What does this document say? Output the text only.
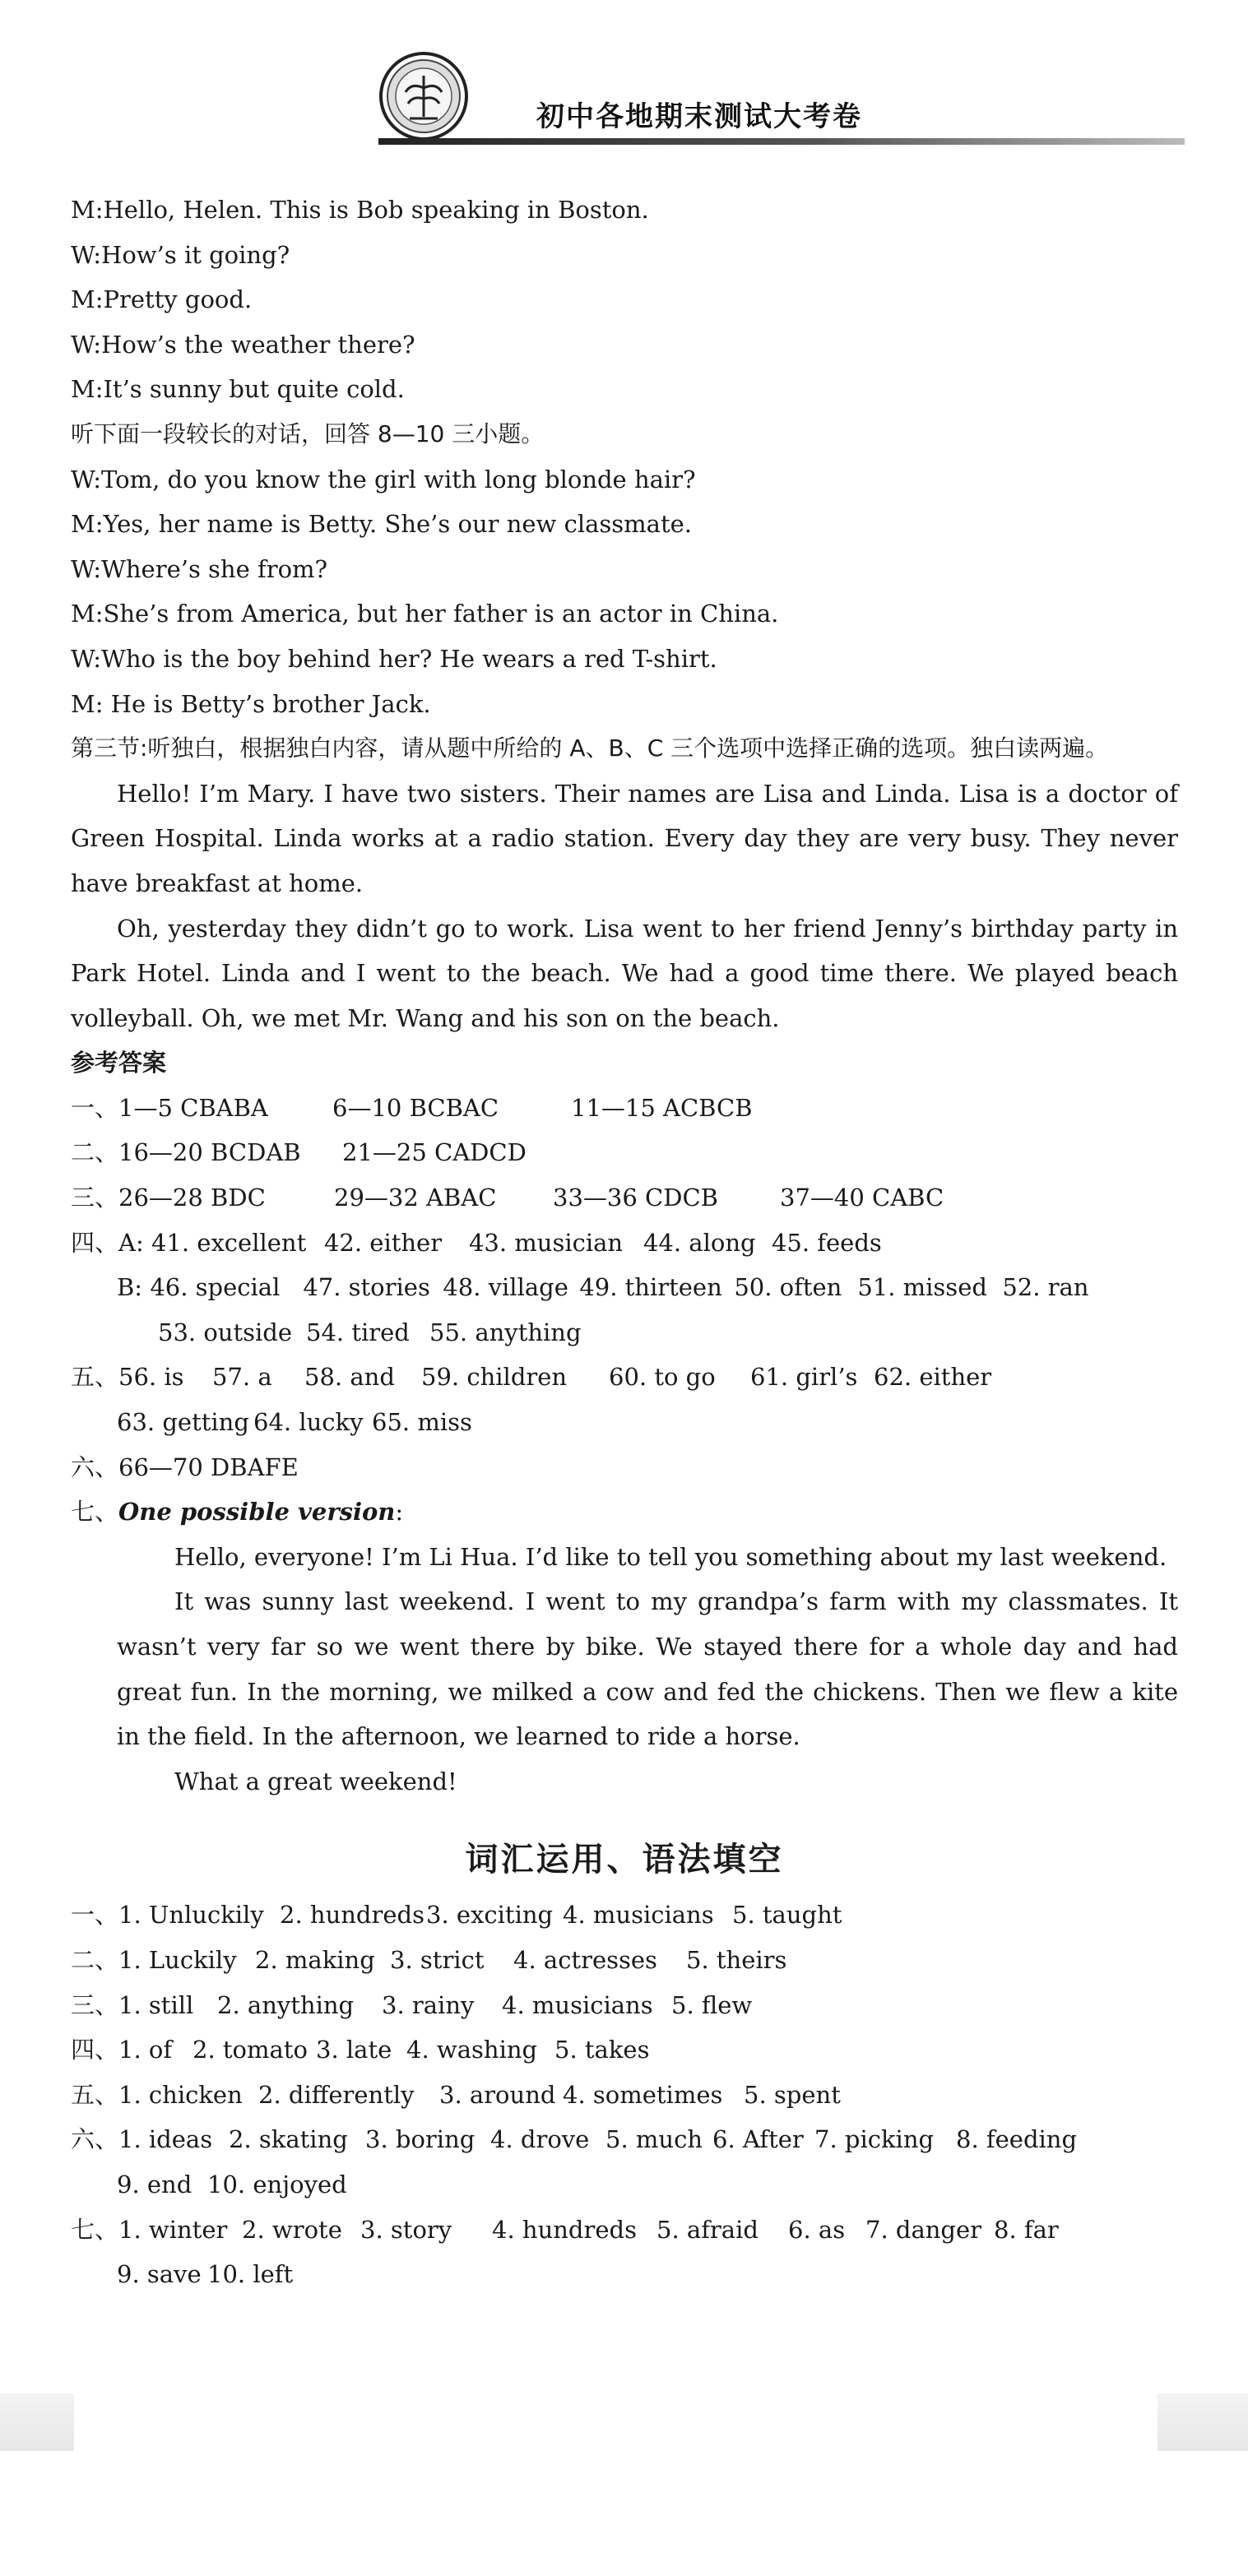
初中各地期末测试大考卷
M:Hello, Helen. This is Bob speaking in Boston.
W:How’s it going?
M:Pretty good.
W:How’s the weather there?
M:It’s sunny but quite cold.
听下面一段较长的对话，回答 8—10 三小题。
W:Tom, do you know the girl with long blonde hair?
M:Yes, her name is Betty. She’s our new classmate.
W:Where’s she from?
M:She’s from America, but her father is an actor in China.
W:Who is the boy behind her? He wears a red T-shirt.
M: He is Betty’s brother Jack.
第三节:听独白，根据独白内容，请从题中所给的 A、B、C 三个选项中选择正确的选项。独白读两遍。
Hello! I’m Mary. I have two sisters. Their names are Lisa and Linda. Lisa is a doctor of Green Hospital. Linda works at a radio station. Every day they are very busy. They never have breakfast at home.
Oh, yesterday they didn’t go to work. Lisa went to her friend Jenny’s birthday party in Park Hotel. Linda and I went to the beach. We had a good time there. We played beach volleyball. Oh, we met Mr. Wang and his son on the beach.
参考答案
一、1—5 CBABA	6—10 BCBAC	11—15 ACBCB
二、16—20 BCDAB 21—25 CADCD
三、26—28 BDC	29—32 ABAC 33—36 CDCB	37—40 CABC
四、A: 41. excellent 42. either 43. musician 44. along 45. feeds
B: 46. special 47. stories 48. village 49. thirteen 50. often 51. missed 52. ran
53. outside 54. tired 55. anything
五、56. is 57. a 58. and 59. children 60. to go 61. girl’s 62. either
63. getting 64. lucky 65. miss
六、66—70 DBAFE
七、One possible version:
Hello, everyone! I’m Li Hua. I’d like to tell you something about my last weekend.
It was sunny last weekend. I went to my grandpa’s farm with my classmates. It wasn’t very far so we went there by bike. We stayed there for a whole day and had great fun. In the morning, we milked a cow and fed the chickens. Then we flew a kite in the field. In the afternoon, we learned to ride a horse.
What a great weekend!
词汇运用、语法填空
一、1. Unluckily 2. hundreds3. exciting 4. musicians 5. taught
二、1. Luckily 2. making 3. strict 4. actresses 5. theirs
三、1. still 2. anything 3. rainy 4. musicians 5. flew
四、1. of 2. tomato 3. late 4. washing 5. takes
五、1. chicken 2. differently 3. around 4. sometimes 5. spent
六、1. ideas 2. skating 3. boring 4. drove 5. much 6. After 7. picking 8. feeding
9. end 10. enjoyed
七、1. winter 2. wrote 3. story 4. hundreds 5. afraid 6. as 7. danger 8. far
9. save 10. left
